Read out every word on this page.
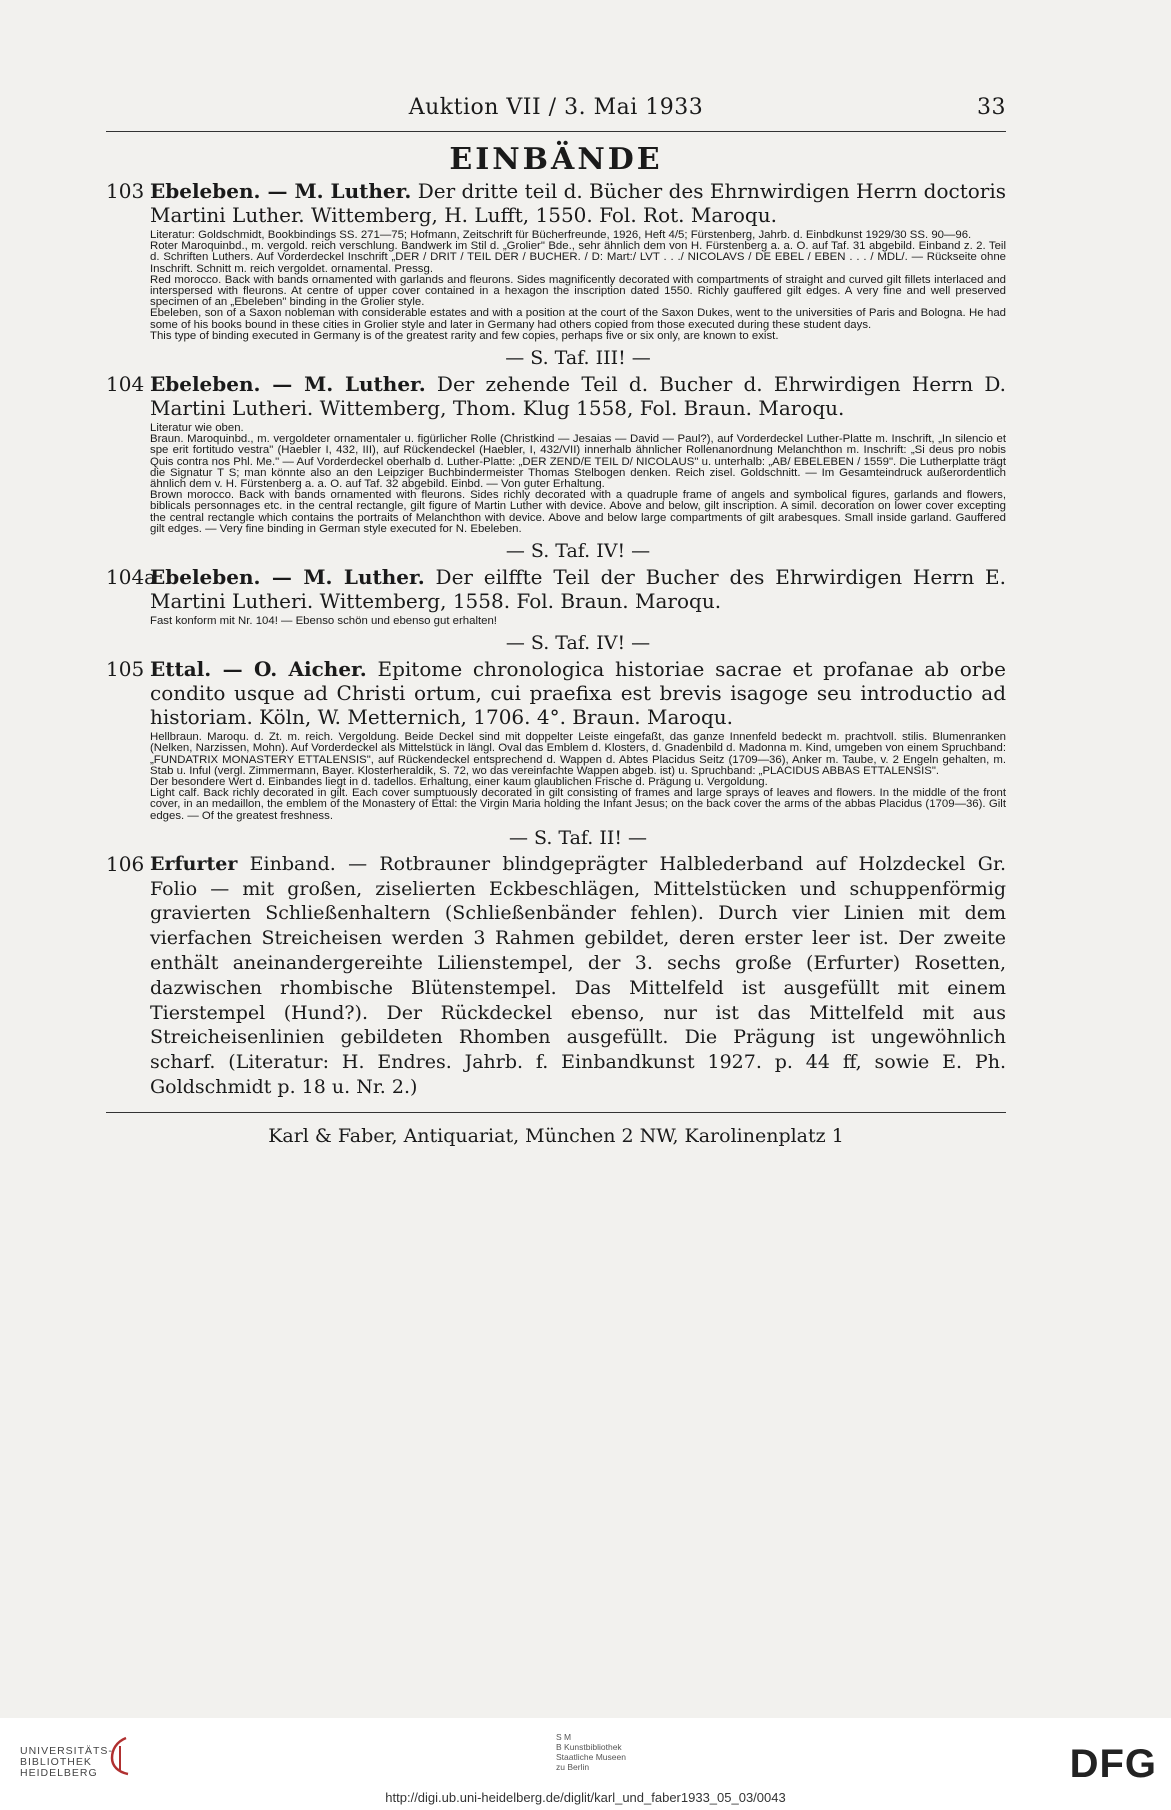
Auktion VII / 3. Mai 1933	33
EINBÄNDE
103 Ebeleben. — M. Luther. Der dritte teil d. Bücher des Ehrnwirdigen Herrn doctoris Martini Luther. Wittemberg, H. Lufft, 1550. Fol. Rot. Maroqu.

Literatur: Goldschmidt, Bookbindings SS. 271—75; Hofmann, Zeitschrift für Bücherfreunde, 1926, Heft 4/5; Fürstenberg, Jahrb. d. Einbdkunst 1929/30 SS. 90—96.

Roter Maroquinbd., m. vergold. reich verschlung. Bandwerk im Stil d. „Grolier" Bde., sehr ähnlich dem von H. Fürstenberg a. a. O. auf Taf. 31 abgebild. Einband z. 2. Teil d. Schriften Luthers. Auf Vorderdeckel Inschrift „DER / DRIT / TEIL DER / BUCHER. / D: Mart:/ LVT . . ./ NICOLAVS / DE EBEL / EBEN . . . / MDL/. — Rückseite ohne Inschrift. Schnitt m. reich vergoldet. ornamental. Pressg.

Red morocco. Back with bands ornamented with garlands and fleurons. Sides magnificently decorated with compartments of straight and curved gilt fillets interlaced and interspersed with fleurons. At centre of upper cover contained in a hexagon the inscription dated 1550. Richly gauffered gilt edges. A very fine and well preserved specimen of an „Ebeleben" binding in the Grolier style.

Ebeleben, son of a Saxon nobleman with considerable estates and with a position at the court of the Saxon Dukes, went to the universities of Paris and Bologna. He had some of his books bound in these cities in Grolier style and later in Germany had others copied from those executed during these student days.

This type of binding executed in Germany is of the greatest rarity and few copies, perhaps five or six only, are known to exist.

— S. Taf. III! —
104 Ebeleben. — M. Luther. Der zehende Teil d. Bucher d. Ehrwirdigen Herrn D. Martini Lutheri. Wittemberg, Thom. Klug 1558, Fol. Braun. Maroqu.

Literatur wie oben.

Braun. Maroquinbd., m. vergoldeter ornamentaler u. figürlicher Rolle (Christkind — Jesaias — David — Paul?), auf Vorderdeckel Luther-Platte m. Inschrift, „In silencio et spe erit fortitudo vestra" (Haebler I, 432, III), auf Rückendeckel (Haebler, I, 432/VII) innerhalb ähnlicher Rollenanordnung Melanchthon m. Inschrift: „Si deus pro nobis Quis contra nos Phl. Me." — Auf Vorderdeckel oberhalb d. Luther-Platte: „DER ZEND/E TEIL D/ NICOLAUS" u. unterhalb: „AB/ EBELEBEN / 1559". Die Lutherplatte trägt die Signatur T S; man könnte also an den Leipziger Buchbindermeister Thomas Stelbogen denken. Reich zisel. Goldschnitt. — Im Gesamteindruck außerordentlich ähnlich dem v. H. Fürstenberg a. a. O. auf Taf. 32 abgebild. Einbd. — Von guter Erhaltung.

Brown morocco. Back with bands ornamented with fleurons. Sides richly decorated with a quadruple frame of angels and symbolical figures, garlands and flowers, biblicals personnages etc. in the central rectangle, gilt figure of Martin Luther with device. Above and below, gilt inscription. A simil. decoration on lower cover excepting the central rectangle which contains the portraits of Melanchthon with device. Above and below large compartments of gilt arabesques. Small inside garland. Gauffered gilt edges. — Very fine binding in German style executed for N. Ebeleben.

— S. Taf. IV! —
104a
Ebeleben. — M. Luther. Der eilffte Teil der Bucher des Ehrwirdigen Herrn E. Martini Lutheri. Wittemberg, 1558. Fol. Braun. Maroqu.

Fast konform mit Nr. 104! — Ebenso schön und ebenso gut erhalten!

— S. Taf. IV! —
105 Ettal. — O. Aicher. Epitome chronologica historiae sacrae et profanae ab orbe condito usque ad Christi ortum, cui praefixa est brevis isagoge seu introductio ad historiam. Köln, W. Metternich, 1706. 4°. Braun. Maroqu.

Hellbraun. Maroqu. d. Zt. m. reich. Vergoldung. Beide Deckel sind mit doppelter Leiste eingefaßt, das ganze Innenfeld bedeckt m. prachtvoll. stilis. Blumenranken (Nelken, Narzissen, Mohn). Auf Vorderdeckel als Mittelstück in längl. Oval das Emblem d. Klosters, d. Gnadenbild d. Madonna m. Kind, umgeben von einem Spruchband: „FUNDATRIX MONASTERY ETTALENSIS", auf Rückendeckel entsprechend d. Wappen d. Abtes Placidus Seitz (1709—36), Anker m. Taube, v. 2 Engeln gehalten, m. Stab u. Inful (vergl. Zimmermann, Bayer. Klosterheraldik, S. 72, wo das vereinfachte Wappen abgeb. ist) u. Spruchband: „PLACIDUS ABBAS ETTALENSIS".

Der besondere Wert d. Einbandes liegt in d. tadellos. Erhaltung, einer kaum glaublichen Frische d. Prägung u. Vergoldung.

Light calf. Back richly decorated in gilt. Each cover sumptuously decorated in gilt consisting of frames and large sprays of leaves and flowers. In the middle of the front cover, in an medaillon, the emblem of the Monastery of Ettal: the Virgin Maria holding the Infant Jesus; on the back cover the arms of the abbas Placidus (1709—36). Gilt edges. — Of the greatest freshness.

— S. Taf. II! —
106 Erfurter Einband. — Rotbrauner blindgeprägter Halblederband auf Holzdeckel Gr. Folio — mit großen, ziselierten Eckbeschlägen, Mittelstücken und schuppenförmig gravierten Schließenhaltern (Schließenbänder fehlen). Durch vier Linien mit dem vierfachen Streicheisen werden 3 Rahmen gebildet, deren erster leer ist. Der zweite enthält aneinandergereihte Lilienstempel, der 3. sechs große (Erfurter) Rosetten, dazwischen rhombische Blütenstempel. Das Mittelfeld ist ausgefüllt mit einem Tierstempel (Hund?). Der Rückdeckel ebenso, nur ist das Mittelfeld mit aus Streicheisenlinien gebildeten Rhomben ausgefüllt. Die Prägung ist ungewöhnlich scharf. (Literatur: H. Endres. Jahrb. f. Einbandkunst 1927. p. 44 ff, sowie E. Ph. Goldschmidt p. 18 u. Nr. 2.)
Karl & Faber, Antiquariat, München 2 NW, Karolinenplatz 1
UNIVERSITÄTS-
BIBLIOTHEK
HEIDELBERG
S M
B Kunstbibliothek
Staatliche Museen
zu Berlin	DFG
http://digi.ub.uni-heidelberg.de/diglit/karl_und_faber1933_05_03/0043
